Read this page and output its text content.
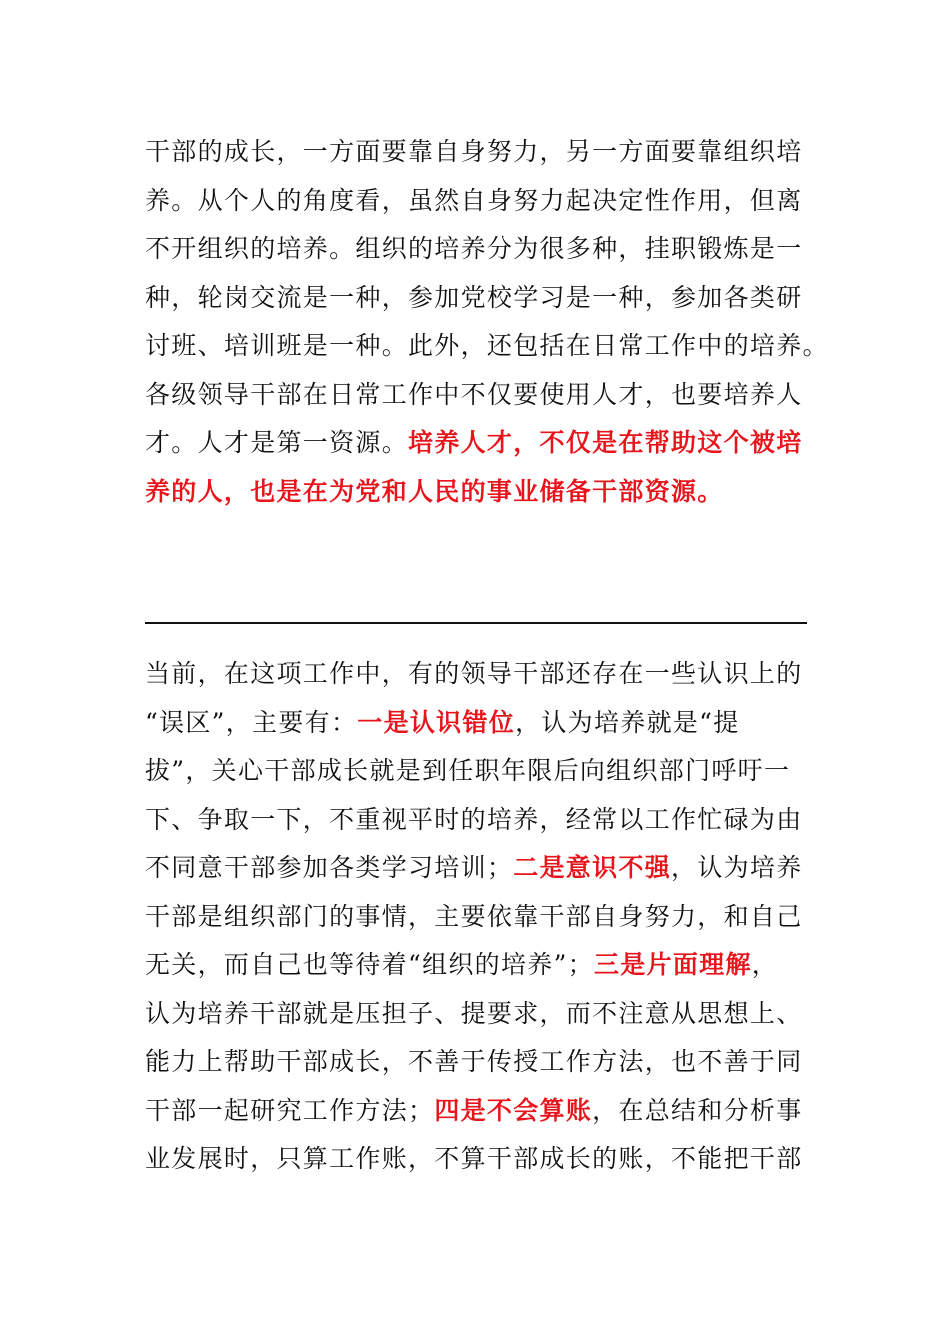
干部的成长，一方面要靠自身努力，另一方面要靠组织培
养。从个人的角度看，虽然自身努力起决定性作用，但离
不开组织的培养。组织的培养分为很多种，挂职锻炼是一
种，轮岗交流是一种，参加党校学习是一种，参加各类研
讨班、培训班是一种。此外，还包括在日常工作中的培养。
各级领导干部在日常工作中不仅要使用人才，也要培养人
才。人才是第一资源。培养人才，不仅是在帮助这个被培
养的人，也是在为党和人民的事业储备干部资源。
当前，在这项工作中，有的领导干部还存在一些认识上的
“误区”，主要有：一是认识错位，认为培养就是“提
拔”，关心干部成长就是到任职年限后向组织部门呼吁一
下、争取一下，不重视平时的培养，经常以工作忙碌为由
不同意干部参加各类学习培训；二是意识不强，认为培养
干部是组织部门的事情，主要依靠干部自身努力，和自己
无关，而自己也等待着“组织的培养”；三是片面理解，
认为培养干部就是压担子、提要求，而不注意从思想上、
能力上帮助干部成长，不善于传授工作方法，也不善于同
干部一起研究工作方法；四是不会算账，在总结和分析事
业发展时，只算工作账，不算干部成长的账，不能把干部
